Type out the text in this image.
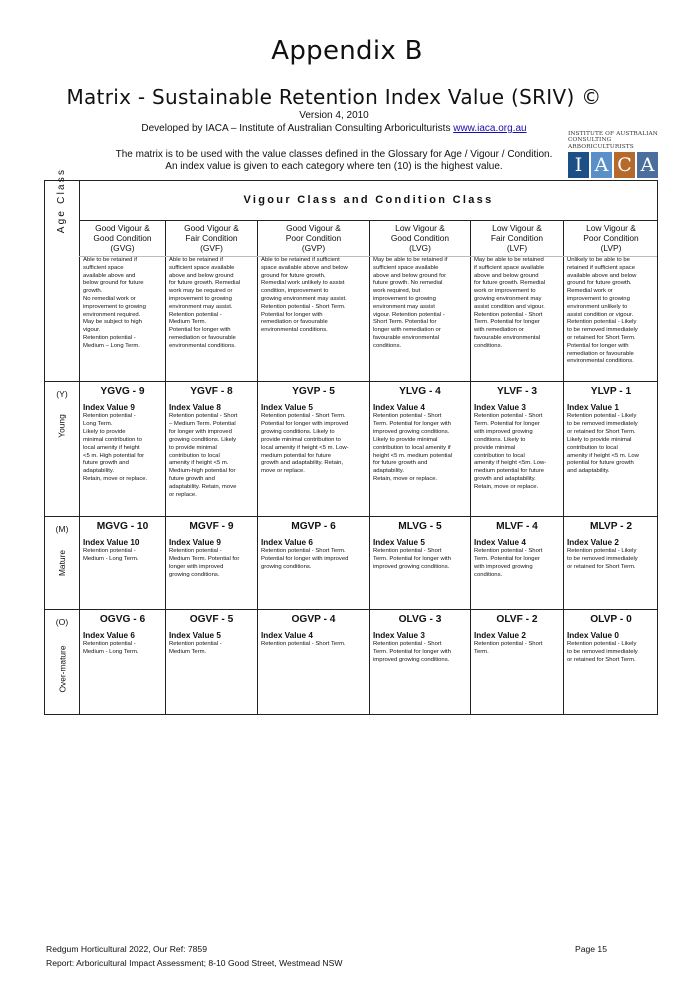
Appendix B
Matrix - Sustainable Retention Index Value (SRIV) ©
Version 4, 2010
Developed by IACA – Institute of Australian Consulting Arboriculturists www.iaca.org.au
The matrix is to be used with the value classes defined in the Glossary for Age / Vigour / Condition.
An index value is given to each category where ten (10) is the highest value.
INSTITUTE OF AUSTRALIAN
CONSULTING ARBORICULTURISTS
I A C A
Vigour Class and Condition Class
Age Class	Good Vigour &
Good Condition
(GVG)
Able to be retained if
sufficient space
available above and
below ground for future
growth.
No remedial work or
improvement to growing
environment required.
May be subject to high
vigour.
Retention potential -
Medium – Long Term.
Good Vigour &
Fair Condition
(GVF)
Able to be retained if
sufficient space available
above and below ground
for future growth. Remedial
work may be required or
improvement to growing
environment may assist.
Retention potential -
Medium Term.
Potential for longer with
remediation or favourable
environmental conditions.
Good Vigour &
Poor Condition
(GVP)
Able to be retained if sufficient
space available above and below
ground for future growth.
Remedial work unlikely to assist
condition, improvement to
growing environment may assist.
Retention potential - Short Term.
Potential for longer with
remediation or favourable
environmental conditions.
Low Vigour &
Good Condition
(LVG)
May be able to be retained if
sufficient space available
above and below ground for
future growth. No remedial
work required, but
improvement to growing
environment may assist
vigour. Retention potential -
Short Term. Potential for
longer with remediation or
favourable environmental
conditions.
Low Vigour &
Fair Condition
(LVF)
May be able to be retained
if sufficient space available
above and below ground
for future growth. Remedial
work or improvement to
growing environment may
assist condition and vigour.
Retention potential - Short
Term. Potential for longer
with remediation or
favourable environmental
conditions.
Low Vigour &
Poor Condition
(LVP)
Unlikely to be able to be
retained if sufficient space
available above and below
ground for future growth.
Remedial work or
improvement to growing
environment unlikely to
assist condition or vigour.
Retention potential - Likely
to be removed immediately
or retained for Short Term.
Potential for longer with
remediation or favourable
environmental conditions.
(Y)
Young
YGVG - 9
Index Value 9
Retention potential -
Long Term.
Likely to provide
minimal contribution to
local amenity if height
<5 m. High potential for
future growth and
adaptability.
Retain, move or replace.
YGVF - 8
Index Value 8
Retention potential - Short
– Medium Term. Potential
for longer with improved
growing conditions. Likely
to provide minimal
contribution to local
amenity if height <5 m.
Medium-high potential for
future growth and
adaptability. Retain, move
or replace.
YGVP - 5
Index Value 5
Retention potential - Short Term.
Potential for longer with improved
growing conditions. Likely to
provide minimal contribution to
local amenity if height <5 m. Low-
medium potential for future
growth and adaptability. Retain,
move or replace.
YLVG - 4
Index Value 4
Retention potential - Short
Term. Potential for longer with
improved growing conditions.
Likely to provide minimal
contribution to local amenity if
height <5 m. medium potential
for future growth and
adaptability.
Retain, move or replace.
YLVF - 3
Index Value 3
Retention potential - Short
Term. Potential for longer
with improved growing
conditions. Likely to
provide minimal
contribution to local
amenity if height <5m. Low-
medium potential for future
growth and adaptability.
Retain, move or replace.
YLVP - 1
Index Value 1
Retention potential - Likely
to be removed immediately
or retained for Short Term.
Likely to provide minimal
contribution to local
amenity if height <5 m. Low
potential for future growth
and adaptability.
(M)
Mature
MGVG - 10
Index Value 10
Retention potential -
Medium - Long Term.
MGVF - 9
Index Value 9
Retention potential -
Medium Term. Potential for
longer with improved
growing conditions.
MGVP - 6
Index Value 6
Retention potential - Short Term.
Potential for longer with improved
growing conditions.
MLVG - 5
Index Value 5
Retention potential - Short
Term. Potential for longer with
improved growing conditions.
MLVF - 4
Index Value 4
Retention potential - Short
Term. Potential for longer
with improved growing
conditions.
MLVP - 2
Index Value 2
Retention potential - Likely
to be removed immediately
or retained for Short Term.
(O)
Over-mature
OGVG - 6
Index Value 6
Retention potential -
Medium - Long Term.
OGVF - 5
Index Value 5
Retention potential -
Medium Term.
OGVP - 4
Index Value 4
Retention potential - Short Term.
OLVG - 3
Index Value 3
Retention potential - Short
Term. Potential for longer with
improved growing conditions.
OLVF - 2
Index Value 2
Retention potential - Short
Term.
OLVP - 0
Index Value 0
Retention potential - Likely
to be removed immediately
or retained for Short Term.
Redgum Horticultural 2022, Our Ref: 7859
Report: Arboricultural Impact Assessment; 8-10 Good Street, Westmead NSW
Page 15
